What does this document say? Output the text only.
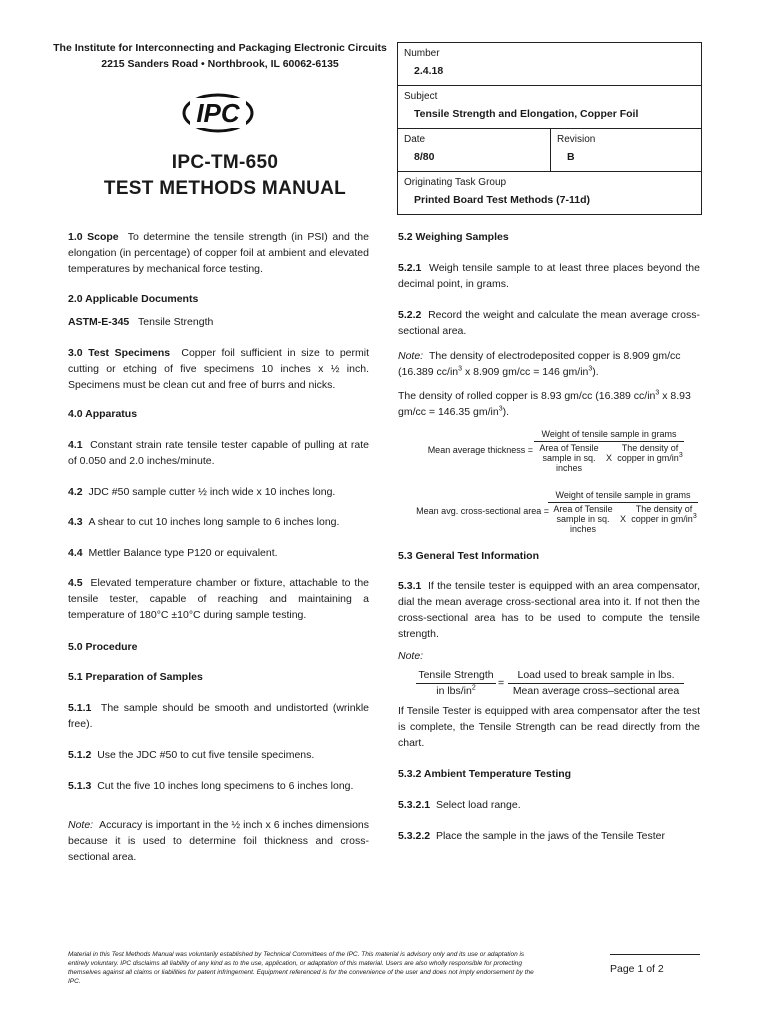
The Institute for Interconnecting and Packaging Electronic Circuits
2215 Sanders Road • Northbrook, IL 60062-6135
IPC
IPC-TM-650
TEST METHODS MANUAL
Number
2.4.18
Subject
Tensile Strength and Elongation, Copper Foil
Date
8/80
Revision
B
Originating Task Group
Printed Board Test Methods (7-11d)
1.0 Scope To determine the tensile strength (in PSI) and the elongation (in percentage) of copper foil at ambient and elevated temperatures by mechanical force testing.
2.0 Applicable Documents
ASTM-E-345 Tensile Strength
3.0 Test Specimens Copper foil sufficient in size to permit cutting or etching of five specimens 10 inches x ½ inch. Specimens must be clean cut and free of burrs and nicks.
4.0 Apparatus
4.1 Constant strain rate tensile tester capable of pulling at rate of 0.050 and 2.0 inches/minute.
4.2 JDC #50 sample cutter ½ inch wide x 10 inches long.
4.3 A shear to cut 10 inches long sample to 6 inches long.
4.4 Mettler Balance type P120 or equivalent.
4.5 Elevated temperature chamber or fixture, attachable to the tensile tester, capable of reaching and maintaining a temperature of 180°C ±10°C during sample testing.
5.0 Procedure
5.1 Preparation of Samples
5.1.1 The sample should be smooth and undistorted (wrinkle free).
5.1.2 Use the JDC #50 to cut five tensile specimens.
5.1.3 Cut the five 10 inches long specimens to 6 inches long.
Note: Accuracy is important in the ½ inch x 6 inches dimensions because it is used to determine foil thickness and cross-sectional area.
5.2 Weighing Samples
5.2.1 Weigh tensile sample to at least three places beyond the decimal point, in grams.
5.2.2 Record the weight and calculate the mean average cross-sectional area.
Note: The density of electrodeposited copper is 8.909 gm/cc (16.389 $cc/in^3$ x 8.909 gm/cc = 146 $gm/in^3$).
The density of rolled copper is 8.93 gm/cc (16.389 $cc/in^3$ x 8.93 gm/cc = 146.35 $gm/in^3$).
Mean average thickness =
Weight of tensile sample in grams
Area of Tensile sample in sq. inches
X
The density of copper in $gm/in^3$
Mean avg. cross-sectional area =
Weight of tensile sample in grams
Area of Tensile sample in sq. inches
X
The density of copper in $gm/in^3$
5.3 General Test Information
5.3.1 If the tensile tester is equipped with an area compensator, dial the mean average cross-sectional area into it. If not then the cross-sectional area has to be used to compute the tensile strength.
Note:
Tensile Strength
in lbs/$in^2$	=
Load used to break sample in lbs.
Mean average cross–sectional area
If Tensile Tester is equipped with area compensator after the test is complete, the Tensile Strength can be read directly from the chart.
5.3.2 Ambient Temperature Testing
5.3.2.1 Select load range.
5.3.2.2 Place the sample in the jaws of the Tensile Tester
Material in this Test Methods Manual was voluntarily established by Technical Committees of the IPC. This material is advisory only and its use or adaptation is entirely voluntary. IPC disclaims all liability of any kind as to the use, application, or adaptation of this material. Users are also wholly responsible for protecting themselves against all claims or liabilities for patent infringement. Equipment referenced is for the convenience of the user and does not imply endorsement by the IPC.
Page 1 of 2
